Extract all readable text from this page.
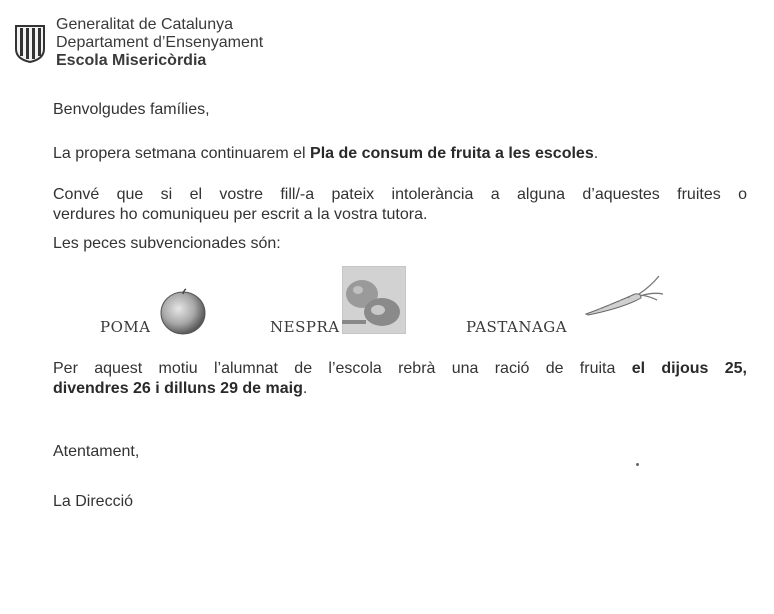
Generalitat de Catalunya
Departament d’Ensenyament
Escola Misericòrdia
Benvolgudes famílies,
La propera setmana continuarem el Pla de consum de fruita a les escoles.
Convé que si el vostre fill/-a pateix intolerància a alguna d’aquestes fruites o
verdures ho comuniqueu per escrit a la vostra tutora.
Les peces subvencionades són:
POMA	NESPRA	PASTANAGA
Per aquest motiu l’alumnat de l’escola rebrà una ració de fruita el dijous 25,
divendres 26 i dilluns 29 de maig.
Atentament,
La Direcció
